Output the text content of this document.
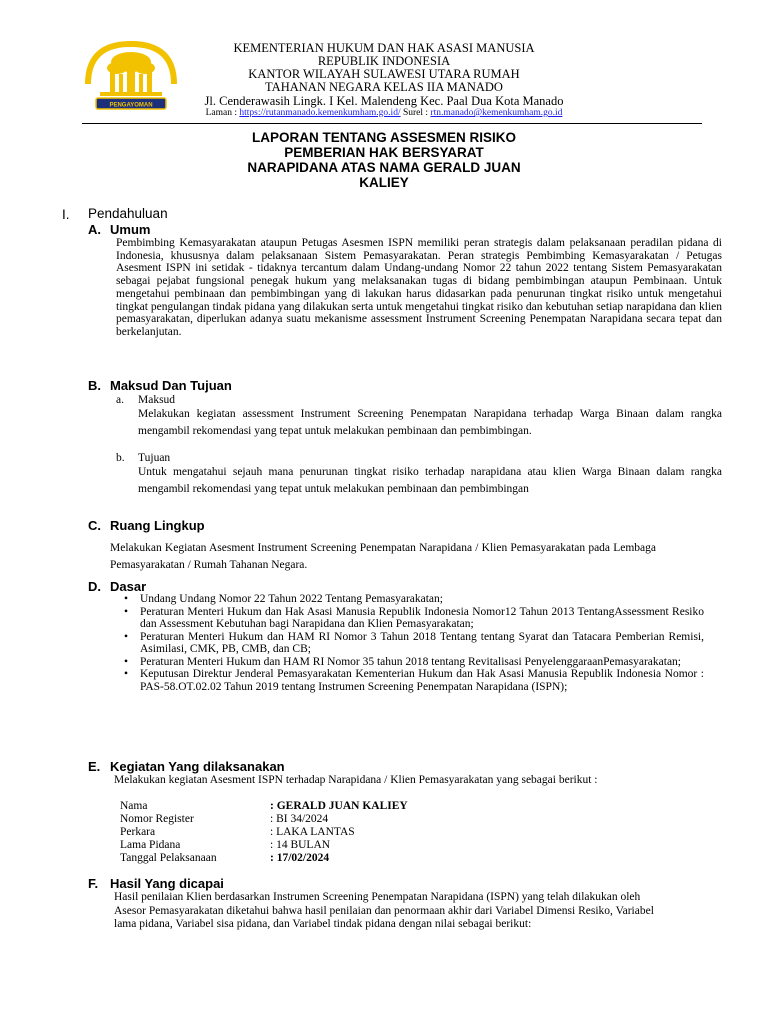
PENGAYOMAN
KEMENTERIAN HUKUM DAN HAK ASASI MANUSIA
REPUBLIK INDONESIA
KANTOR WILAYAH SULAWESI UTARA RUMAH
TAHANAN NEGARA KELAS IIA MANADO
Jl. Cenderawasih Lingk. I Kel. Malendeng Kec. Paal Dua Kota Manado
Laman : https://rutanmanado.kemenkumham.go.id/ Surel : rtn.manado@kemenkumham.go.id
LAPORAN TENTANG ASSESMEN RISIKO
PEMBERIAN HAK BERSYARAT
NARAPIDANA ATAS NAMA GERALD JUAN
KALIEY
I. Pendahuluan
A. Umum
Pembimbing Kemasyarakatan ataupun Petugas Asesmen ISPN memiliki peran strategis dalam pelaksanaan peradilan pidana di Indonesia, khususnya dalam pelaksanaan Sistem Pemasyarakatan. Peran strategis Pembimbing Kemasyarakatan / Petugas Asesment ISPN ini setidak - tidaknya tercantum dalam Undang-undang Nomor 22 tahun 2022 tentang Sistem Pemasyarakatan sebagai pejabat fungsional penegak hukum yang melaksanakan tugas di bidang pembimbingan ataupun Pembinaan. Untuk mengetahui pembinaan dan pembimbingan yang di lakukan harus didasarkan pada penurunan tingkat risiko untuk mengetahui tingkat pengulangan tindak pidana yang dilakukan serta untuk mengetahui tingkat risiko dan kebutuhan setiap narapidana dan klien pemasyarakatan, diperlukan adanya suatu mekanisme assessment Instrument Screening Penempatan Narapidana secara tepat dan berkelanjutan.
B. Maksud Dan Tujuan
a. Maksud
Melakukan kegiatan assessment Instrument Screening Penempatan Narapidana terhadap Warga Binaan dalam rangka mengambil rekomendasi yang tepat untuk melakukan pembinaan dan pembimbingan.
b. Tujuan
Untuk mengatahui sejauh mana penurunan tingkat risiko terhadap narapidana atau klien Warga Binaan dalam rangka mengambil rekomendasi yang tepat untuk melakukan pembinaan dan pembimbingan
C. Ruang Lingkup
Melakukan Kegiatan Asesment Instrument Screening Penempatan Narapidana / Klien Pemasyarakatan pada Lembaga Pemasyarakatan / Rumah Tahanan Negara.
D. Dasar
• Undang Undang Nomor 22 Tahun 2022 Tentang Pemasyarakatan;
• Peraturan Menteri Hukum dan Hak Asasi Manusia Republik Indonesia Nomor12 Tahun 2013 TentangAssessment Resiko dan Assessment Kebutuhan bagi Narapidana dan Klien Pemasyarakatan;
• Peraturan Menteri Hukum dan HAM RI Nomor 3 Tahun 2018 Tentang tentang Syarat dan Tatacara Pemberian Remisi, Asimilasi, CMK, PB, CMB, dan CB;
• Peraturan Menteri Hukum dan HAM RI Nomor 35 tahun 2018 tentang Revitalisasi PenyelenggaraanPemasyarakatan;
• Keputusan Direktur Jenderal Pemasyarakatan Kementerian Hukum dan Hak Asasi Manusia Republik Indonesia Nomor : PAS-58.OT.02.02 Tahun 2019 tentang Instrumen Screening Penempatan Narapidana (ISPN);
E. Kegiatan Yang dilaksanakan
Melakukan kegiatan Asesment ISPN terhadap Narapidana / Klien Pemasyarakatan yang sebagai berikut :
Nama	: GERALD JUAN KALIEY
Nomor Register	: BI 34/2024
Perkara	: LAKA LANTAS
Lama Pidana	: 14 BULAN
Tanggal Pelaksanaan	: 17/02/2024
F. Hasil Yang dicapai
Hasil penilaian Klien berdasarkan Instrumen Screening Penempatan Narapidana (ISPN) yang telah dilakukan oleh Asesor Pemasyarakatan diketahui bahwa hasil penilaian dan penormaan akhir dari Variabel Dimensi Resiko, Variabel lama pidana, Variabel sisa pidana, dan Variabel tindak pidana dengan nilai sebagai berikut:
